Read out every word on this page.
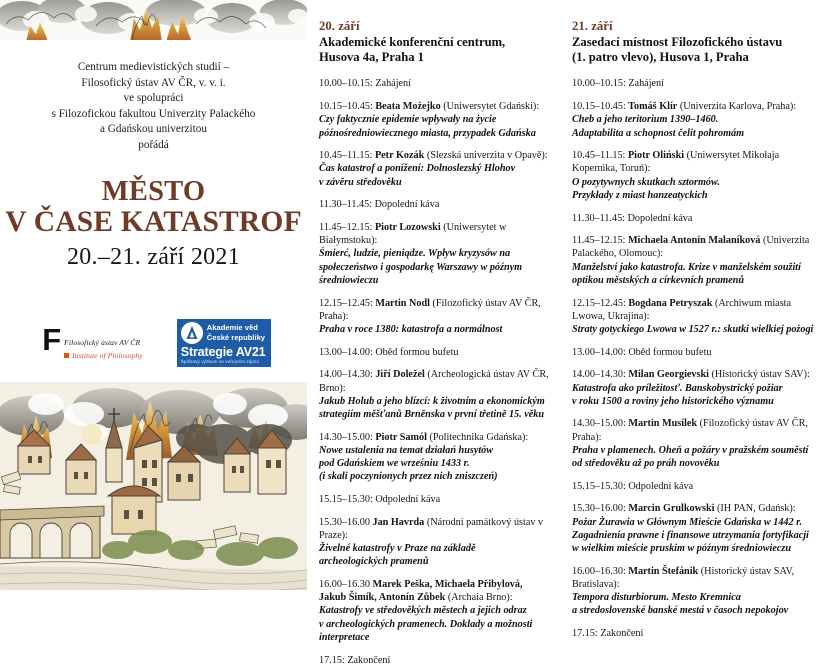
Centrum medievistických studií –
Filosofický ústav AV ČR, v. v. i.
ve spolupráci
s Filozofickou fakultou Univerzity Palackého
a Gdańskou univerzitou
pořádá
MĚSTO
V ČASE KATASTROF
20.–21. září 2021
F Filosofický ústav AV ČR
Institute of Philosophy
Akademie věd
České republiky
Strategie AV21
Špičkový výzkum ve veřejném zájmu
20. září
Akademické konferenční centrum,
Husova 4a, Praha 1
10.00–10.15: Zahájení
10.15–10.45: Beata Możejko (Uniwersytet Gdański):
Czy faktycznie epidemie wpływały na życie
późnośredniowiecznego miasta, przypadek Gdańska
10.45–11.15: Petr Kozák (Slezská univerzita v Opavě):
Čas katastrof a ponížení: Dolnoslezský Hlohov
v závěru středověku
11.30–11.45: Dopolední káva
11.45–12.15: Piotr Lozowski (Uniwersytet w Białymstoku):
Śmierć, ludzie, pieniądze. Wpływ kryzysów na
społeczeństwo i gospodarkę Warszawy w późnym
średniowieczu
12.15–12.45: Martin Nodl (Filozofický ústav AV ČR, Praha):
Praha v roce 1380: katastrofa a normálnost
13.00–14.00: Oběd formou bufetu
14.00–14.30: Jiří Doležel (Archeologická ústav AV ČR, Brno):
Jakub Holub a jeho blízcí: k životním a ekonomickým
strategiím měšťanů Brněnska v první třetině 15. věku
14.30–15.00: Piotr Samól (Politechnika Gdańska):
Nowe ustalenia na temat działań husytów
pod Gdańskiem we wrześniu 1433 r.
(i skali poczynionych przez nich zniszczeń)
15.15–15.30: Odpolední káva
15.30–16.00 Jan Havrda (Národní památkový ústav v Praze):
Živelné katastrofy v Praze na základě
archeologických pramenů
16.00–16.30 Marek Peška, Michaela Přibylová,
Jakub Šimík, Antonín Zůbek (Archaia Brno):
Katastrofy ve středověkých městech a jejich odraz
v archeologických pramenech. Doklady a možnosti
interpretace
17.15: Zakončení
21. září
Zasedací místnost Filozofického ústavu
(1. patro vlevo), Husova 1, Praha
10.00–10.15: Zahájení
10.15–10.45: Tomáš Klír (Univerzita Karlova, Praha):
Cheb a jeho teritorium 1390–1460.
Adaptabilita a schopnost čelit pohromám
10.45–11.15: Piotr Oliński (Uniwersytet Mikołaja
Kopernika, Toruń):
O pozytywnych skutkach sztormów.
Przykłady z miast hanzeatyckich
11.30–11.45: Dopolední káva
11.45–12.15: Michaela Antonín Malaníková (Univerzita
Palackého, Olomouc):
Manželství jako katastrofa. Krize v manželském soužití
optikou městských a církevních pramenů
12.15–12.45: Bogdana Petryszak (Archiwum miasta
Lwowa, Ukrajina):
Straty gotyckiego Lwowa w 1527 r.: skutki wielkiej pożogi
13.00–14.00: Oběd formou bufetu
14.00–14.30: Milan Georgievski (Historický ústav SAV):
Katastrofa ako príležitosť. Banskobystrický požiar
v roku 1500 a roviny jeho historického významu
14.30–15.00: Martin Musílek (Filozofický ústav AV ČR,
Praha):
Praha v plamenech. Oheň a požáry v pražském souměstí
od středověku až po práh novověku
15.15–15.30: Odpolední káva
15.30–16.00: Marcin Grulkowski (IH PAN, Gdańsk):
Pożar Żurawia w Głównym Mieście Gdańska w 1442 r.
Zagadnienia prawne i finansowe utrzymania fortyfikacji
w wielkim mieście pruskim w późnym średniowieczu
16.00–16.30: Martin Štefánik (Historický ústav SAV,
Bratislava):
Tempora disturbiorum. Mesto Kremnica
a stredoslovenské banské mestá v časoch nepokojov
17.15: Zakončení
